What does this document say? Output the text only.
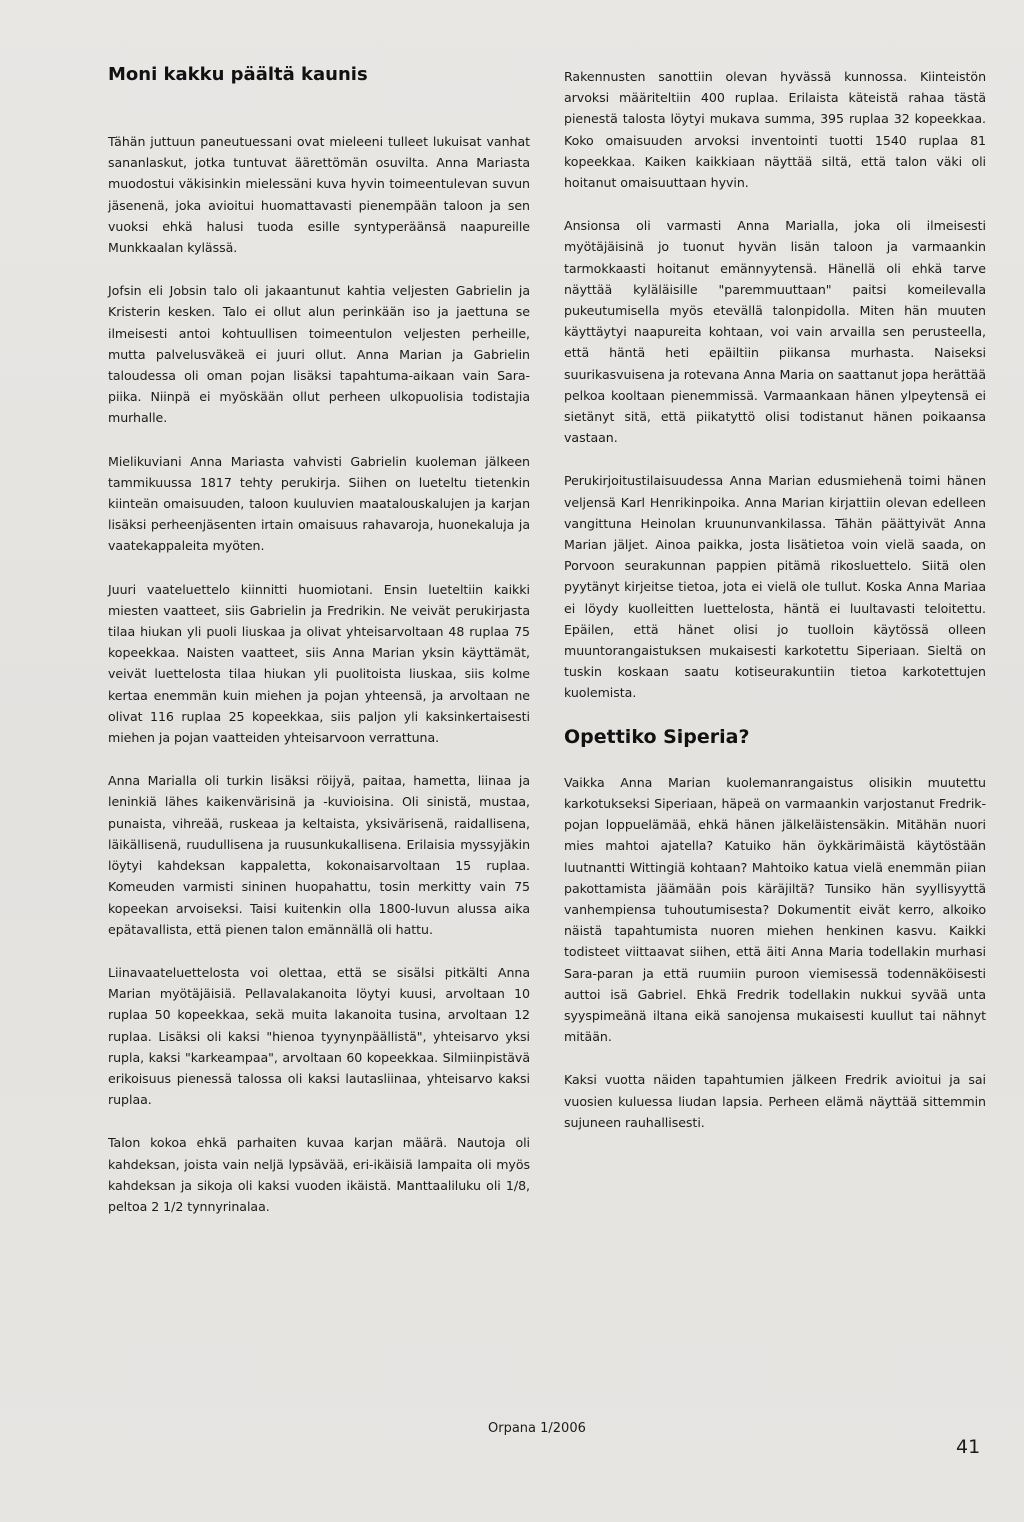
Moni kakku päältä kaunis

Tähän juttuun paneutuessani ovat mieleeni tulleet lukuisat vanhat sananlaskut, jotka tuntuvat äärettömän osuvilta. Anna Mariasta muodostui väkisinkin mielessäni kuva hyvin toimeentulevan suvun jäsenenä, joka avioitui huomattavasti pienempään taloon ja sen vuoksi ehkä halusi tuoda esille syntyperäänsä naapureille Munkkaalan kylässä.

Jofsin eli Jobsin talo oli jakaantunut kahtia veljesten Gabrielin ja Kristerin kesken. Talo ei ollut alun perinkään iso ja jaettuna se ilmeisesti antoi kohtuullisen toimeentulon veljesten perheille, mutta palvelusväkeä ei juuri ollut. Anna Marian ja Gabrielin taloudessa oli oman pojan lisäksi tapahtuma-aikaan vain Sara-piika. Niinpä ei myöskään ollut perheen ulkopuolisia todistajia murhalle.

Mielikuviani Anna Mariasta vahvisti Gabrielin kuoleman jälkeen tammikuussa 1817 tehty perukirja. Siihen on lueteltu tietenkin kiinteän omaisuuden, taloon kuuluvien maatalouskalujen ja karjan lisäksi perheenjäsenten irtain omaisuus rahavaroja, huonekaluja ja vaatekappaleita myöten.

Juuri vaateluettelo kiinnitti huomiotani. Ensin lueteltiin kaikki miesten vaatteet, siis Gabrielin ja Fredrikin. Ne veivät perukirjasta tilaa hiukan yli puoli liuskaa ja olivat yhteisarvoltaan 48 ruplaa 75 kopeekkaa. Naisten vaatteet, siis Anna Marian yksin käyttämät, veivät luettelosta tilaa hiukan yli puolitoista liuskaa, siis kolme kertaa enemmän kuin miehen ja pojan yhteensä, ja arvoltaan ne olivat 116 ruplaa 25 kopeekkaa, siis paljon yli kaksinkertaisesti miehen ja pojan vaatteiden yhteisarvoon verrattuna.

Anna Marialla oli turkin lisäksi röijyä, paitaa, hametta, liinaa ja leninkiä lähes kaikenvärisinä ja -kuvioisina. Oli sinistä, mustaa, punaista, vihreää, ruskeaa ja keltaista, yksivärisenä, raidallisena, läikällisenä, ruudullisena ja ruusunkukallisena. Erilaisia myssyjäkin löytyi kahdeksan kappaletta, kokonaisarvoltaan 15 ruplaa. Komeuden varmisti sininen huopahattu, tosin merkitty vain 75 kopeekan arvoiseksi. Taisi kuitenkin olla 1800-luvun alussa aika epätavallista, että pienen talon emännällä oli hattu.

Liinavaateluettelosta voi olettaa, että se sisälsi pitkälti Anna Marian myötäjäisiä. Pellavalakanoita löytyi kuusi, arvoltaan 10 ruplaa 50 kopeekkaa, sekä muita lakanoita tusina, arvoltaan 12 ruplaa. Lisäksi oli kaksi "hienoa tyynynpäällistä", yhteisarvo yksi rupla, kaksi "karkeampaa", arvoltaan 60 kopeekkaa. Silmiinpistävä erikoisuus pienessä talossa oli kaksi lautasliinaa, yhteisarvo kaksi ruplaa.

Talon kokoa ehkä parhaiten kuvaa karjan määrä. Nautoja oli kahdeksan, joista vain neljä lypsävää, eri-ikäisiä lampaita oli myös kahdeksan ja sikoja oli kaksi vuoden ikäistä. Manttaaliluku oli 1/8, peltoa 2 1/2 tynnyrinalaa.

Rakennusten sanottiin olevan hyvässä kunnossa. Kiinteistön arvoksi määriteltiin 400 ruplaa. Erilaista käteistä rahaa tästä pienestä talosta löytyi mukava summa, 395 ruplaa 32 kopeekkaa. Koko omaisuuden arvoksi inventointi tuotti 1540 ruplaa 81 kopeekkaa. Kaiken kaikkiaan näyttää siltä, että talon väki oli hoitanut omaisuuttaan hyvin.

Ansionsa oli varmasti Anna Marialla, joka oli ilmeisesti myötäjäisinä jo tuonut hyvän lisän taloon ja varmaankin tarmokkaasti hoitanut emännyytensä. Hänellä oli ehkä tarve näyttää kyläläisille "paremmuuttaan" paitsi komeilevalla pukeutumisella myös etevällä talonpidolla. Miten hän muuten käyttäytyi naapureita kohtaan, voi vain arvailla sen perusteella, että häntä heti epäiltiin piikansa murhasta. Naiseksi suurikasvuisena ja rotevana Anna Maria on saattanut jopa herättää pelkoa kooltaan pienemmissä. Varmaankaan hänen ylpeytensä ei sietänyt sitä, että piikatyttö olisi todistanut hänen poikaansa vastaan.

Perukirjoitustilaisuudessa Anna Marian edusmiehenä toimi hänen veljensä Karl Henrikinpoika. Anna Marian kirjattiin olevan edelleen vangittuna Heinolan kruununvankilassa. Tähän päättyivät Anna Marian jäljet. Ainoa paikka, josta lisätietoa voin vielä saada, on Porvoon seurakunnan pappien pitämä rikosluettelo. Siitä olen pyytänyt kirjeitse tietoa, jota ei vielä ole tullut. Koska Anna Mariaa ei löydy kuolleitten luettelosta, häntä ei luultavasti teloitettu. Epäilen, että hänet olisi jo tuolloin käytössä olleen muuntorangaistuksen mukaisesti karkotettu Siperiaan. Sieltä on tuskin koskaan saatu kotiseurakuntiin tietoa karkotettujen kuolemista.

Opettiko Siperia?

Vaikka Anna Marian kuolemanrangaistus olisikin muutettu karkotukseksi Siperiaan, häpeä on varmaankin varjostanut Fredrik-pojan loppuelämää, ehkä hänen jälkeläistensäkin. Mitähän nuori mies mahtoi ajatella? Katuiko hän öykkärimäistä käytöstään luutnantti Wittingiä kohtaan? Mahtoiko katua vielä enemmän piian pakottamista jäämään pois käräjiltä? Tunsiko hän syyllisyyttä vanhempiensa tuhoutumisesta? Dokumentit eivät kerro, alkoiko näistä tapahtumista nuoren miehen henkinen kasvu. Kaikki todisteet viittaavat siihen, että äiti Anna Maria todellakin murhasi Sara-paran ja että ruumiin puroon viemisessä todennäköisesti auttoi isä Gabriel. Ehkä Fredrik todellakin nukkui syvää unta syyspimeänä iltana eikä sanojensa mukaisesti kuullut tai nähnyt mitään.

Kaksi vuotta näiden tapahtumien jälkeen Fredrik avioitui ja sai vuosien kuluessa liudan lapsia. Perheen elämä näyttää sittemmin sujuneen rauhallisesti.

Orpana 1/2006
41
